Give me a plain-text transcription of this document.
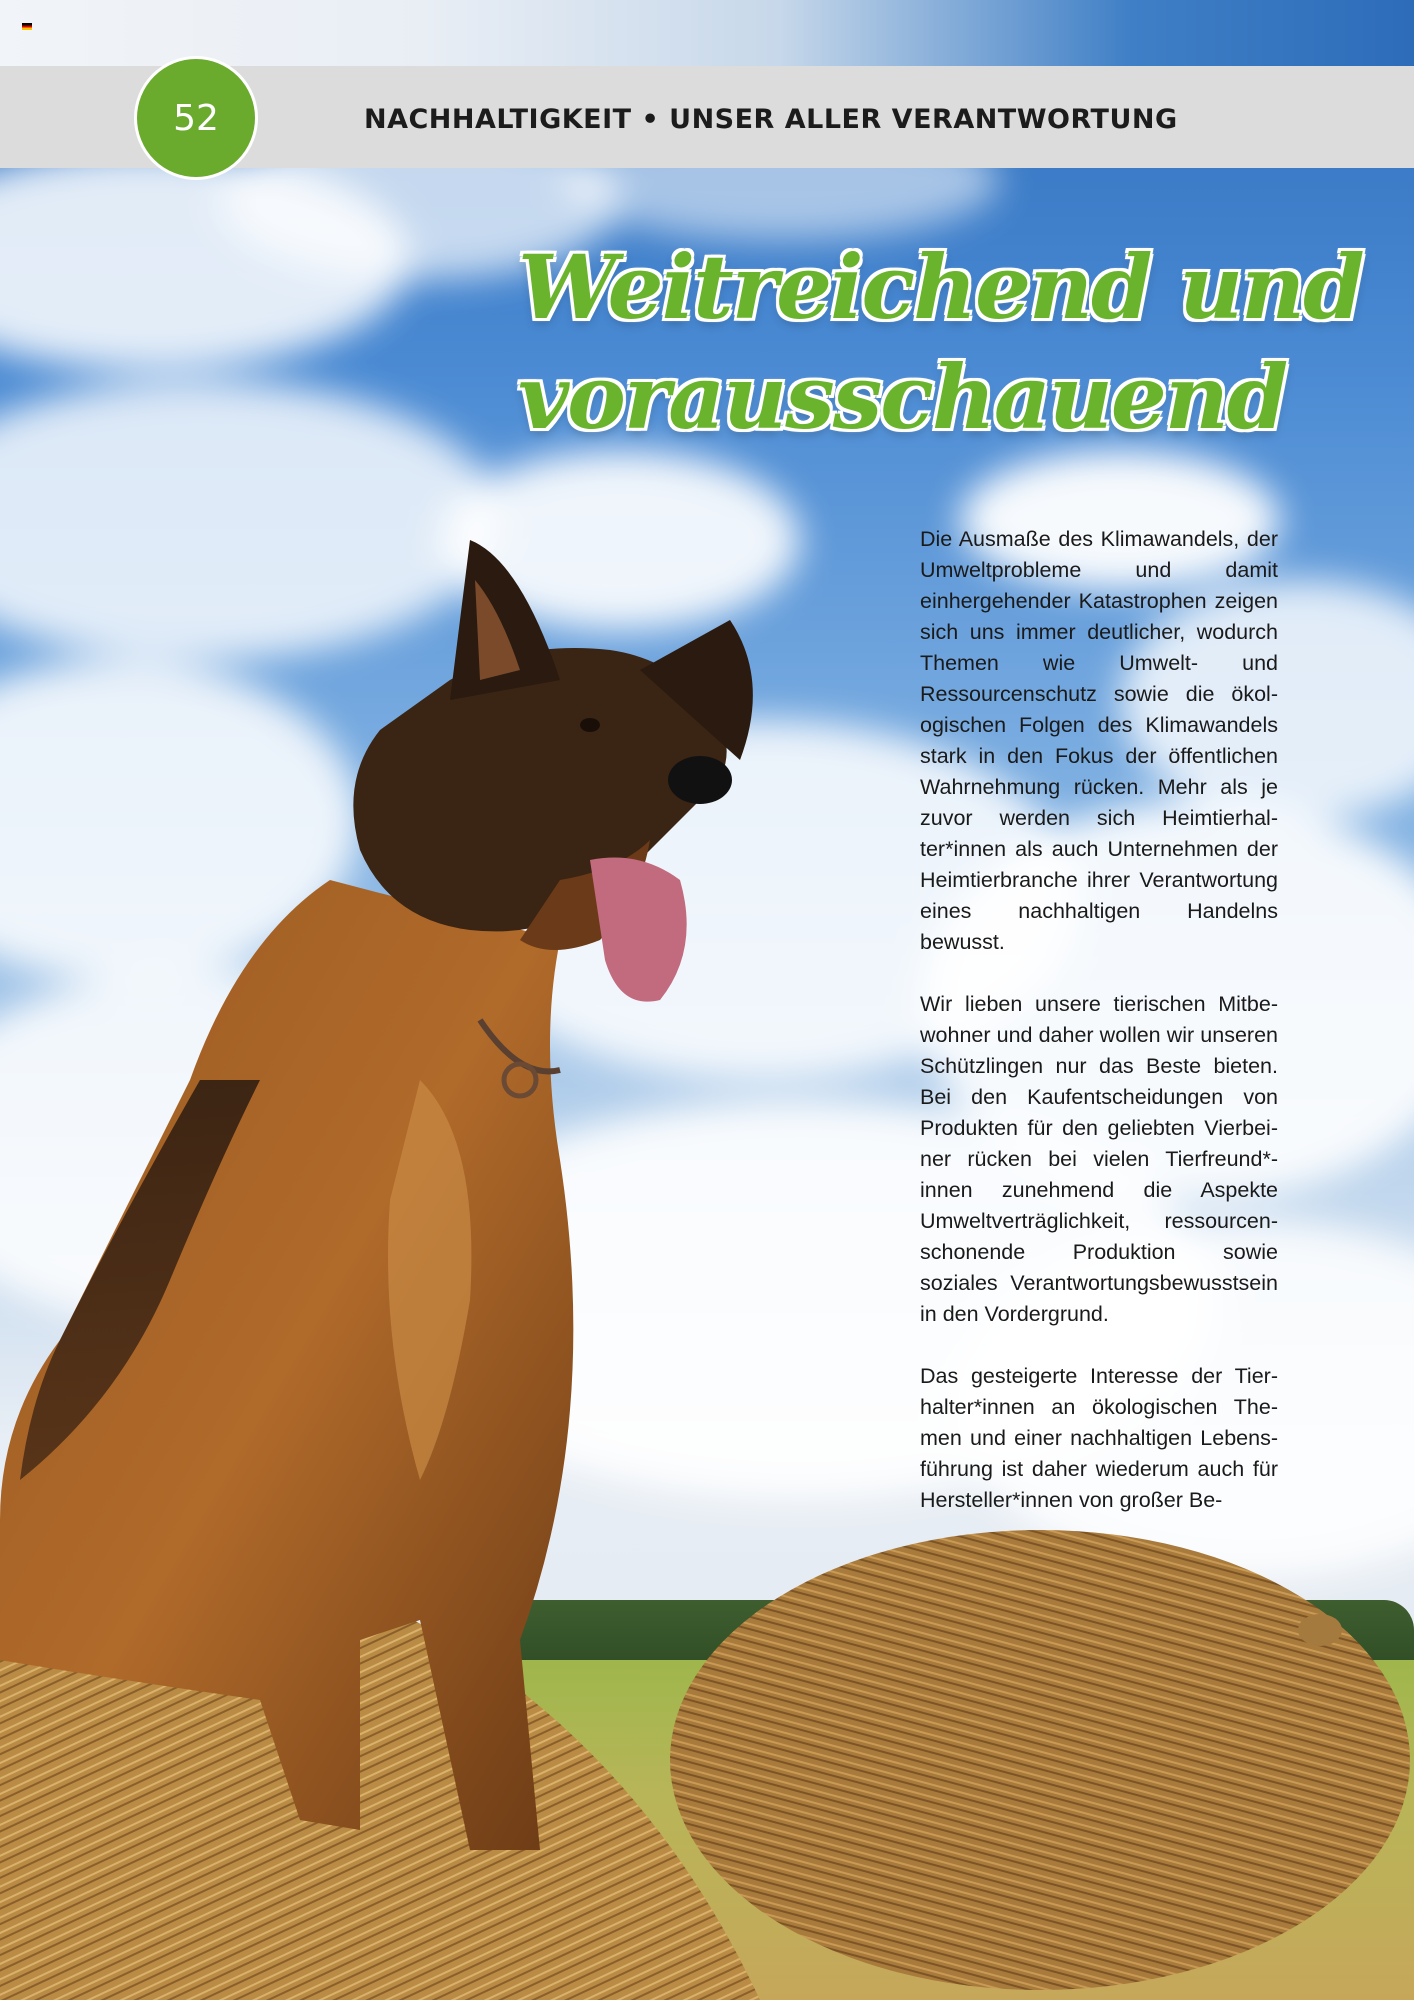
52	NACHHALTIGKEIT • UNSER ALLER VERANTWORTUNG
Weitreichend und
vorausschauend

Die Ausmaße des Klimawandels, der Umweltprobleme und damit einhergehender Katastrophen zeigen sich uns immer deutlicher, wodurch Themen wie Umwelt- und Ressourcenschutz sowie die ökologischen Folgen des Klimawandels stark in den Fokus der öffentlichen Wahrnehmung rücken. Mehr als je zuvor werden sich Heimtierhalter*innen als auch Unternehmen der Heimtierbranche ihrer Verantwortung eines nachhaltigen Handelns bewusst.

Wir lieben unsere tierischen Mitbewohner und daher wollen wir unseren Schützlingen nur das Beste bieten. Bei den Kaufentscheidungen von Produkten für den geliebten Vierbeiner rücken bei vielen Tierfreund*-innen zunehmend die Aspekte Umweltverträglichkeit, ressourcenschonende Produktion sowie soziales Verantwortungsbewusstsein in den Vordergrund.

Das gesteigerte Interesse der Tierhalter*innen an ökologischen Themen und einer nachhaltigen Lebensführung ist daher wiederum auch für Hersteller*innen von großer Be-
